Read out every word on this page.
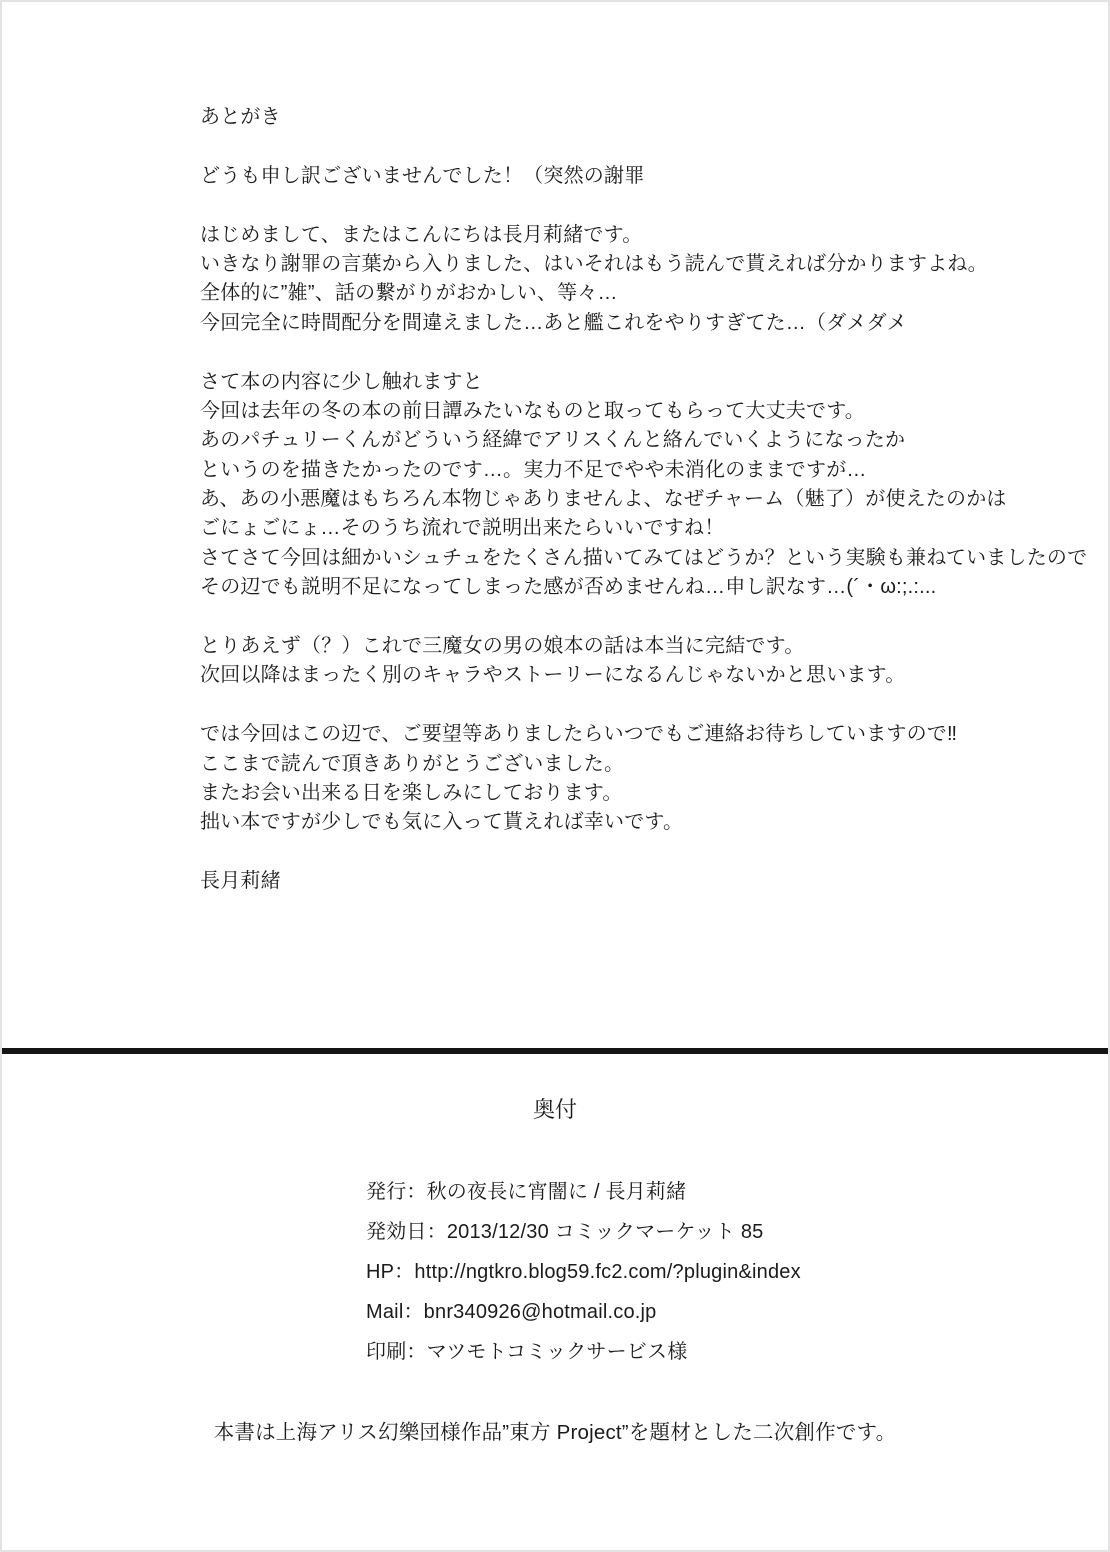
あとがき
どうも申し訳ございませんでした！（突然の謝罪
はじめまして、またはこんにちは長月莉緒です。
いきなり謝罪の言葉から入りました、はいそれはもう読んで貰えれば分かりますよね。
全体的に”雑”、話の繋がりがおかしい、等々…
今回完全に時間配分を間違えました…あと艦これをやりすぎてた…（ダメダメ
さて本の内容に少し触れますと
今回は去年の冬の本の前日譚みたいなものと取ってもらって大丈夫です。
あのパチュリーくんがどういう経緯でアリスくんと絡んでいくようになったか
というのを描きたかったのです…。実力不足でやや未消化のままですが…
あ、あの小悪魔はもちろん本物じゃありませんよ、なぜチャーム（魅了）が使えたのかは
ごにょごにょ…そのうち流れで説明出来たらいいですね！
さてさて今回は細かいシュチュをたくさん描いてみてはどうか？という実験も兼ねていましたので
その辺でも説明不足になってしまった感が否めませんね…申し訳なす…(´・ω:;.:...
とりあえず（？）これで三魔女の男の娘本の話は本当に完結です。
次回以降はまったく別のキャラやストーリーになるんじゃないかと思います。
では今回はこの辺で、ご要望等ありましたらいつでもご連絡お待ちしていますので‼
ここまで読んで頂きありがとうございました。
またお会い出来る日を楽しみにしております。
拙い本ですが少しでも気に入って貰えれば幸いです。
長月莉緒
奥付
発行：秋の夜長に宵闇に / 長月莉緒
発効日：2013/12/30 コミックマーケット 85
HP：http://ngtkro.blog59.fc2.com/?plugin&index
Mail：bnr340926@hotmail.co.jp
印刷：マツモトコミックサービス様
本書は上海アリス幻樂団様作品”東方 Project”を題材とした二次創作です。
